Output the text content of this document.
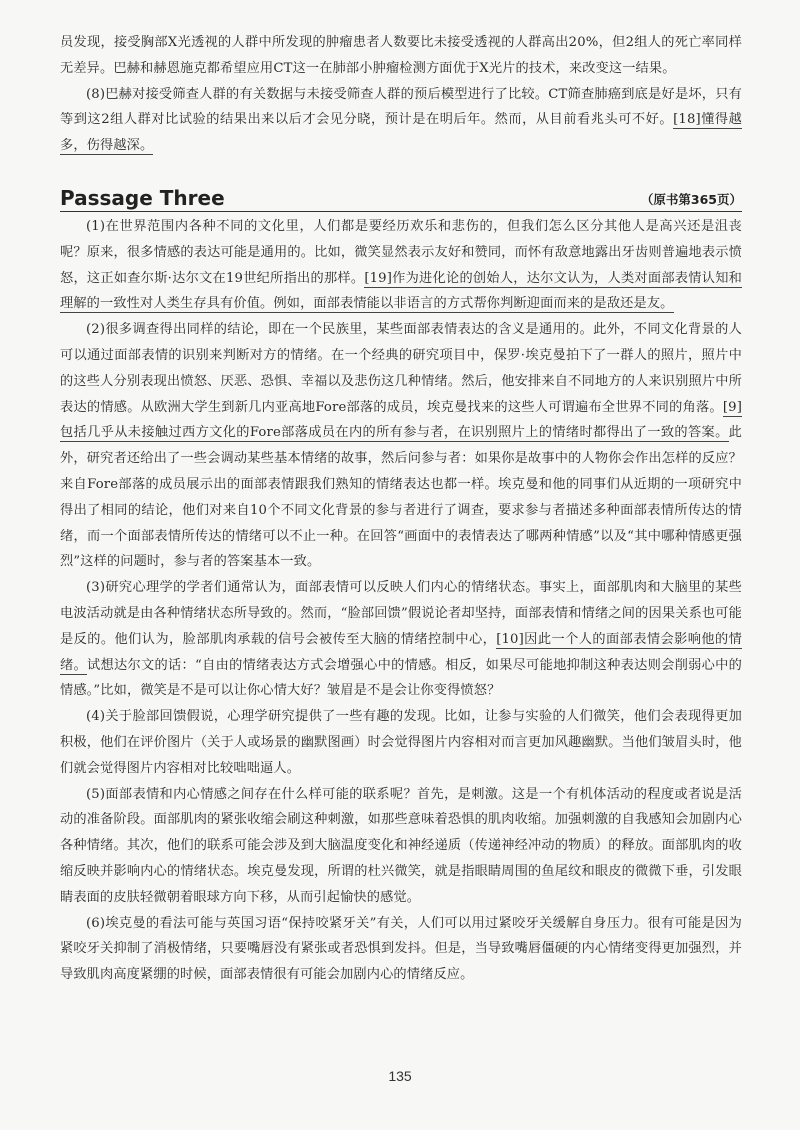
员发现，接受胸部X光透视的人群中所发现的肿瘤患者人数要比未接受透视的人群高出20%，但2组人的死亡率同样无差异。巴赫和赫恩施克都希望应用CT这一在肺部小肿瘤检测方面优于X光片的技术，来改变这一结果。

(8)巴赫对接受筛查人群的有关数据与未接受筛查人群的预后模型进行了比较。CT筛查肺癌到底是好是坏，只有等到这2组人群对比试验的结果出来以后才会见分晓，预计是在明后年。然而，从目前看兆头可不好。[18]懂得越多，伤得越深。

Passage Three	（原书第365页）

(1)在世界范围内各种不同的文化里，人们都是要经历欢乐和悲伤的，但我们怎么区分其他人是高兴还是沮丧呢？原来，很多情感的表达可能是通用的。比如，微笑显然表示友好和赞同，而怀有敌意地露出牙齿则普遍地表示愤怒，这正如查尔斯·达尔文在19世纪所指出的那样。[19]作为进化论的创始人，达尔文认为，人类对面部表情认知和理解的一致性对人类生存具有价值。例如，面部表情能以非语言的方式帮你判断迎面而来的是敌还是友。

(2)很多调查得出同样的结论，即在一个民族里，某些面部表情表达的含义是通用的。此外，不同文化背景的人可以通过面部表情的识别来判断对方的情绪。在一个经典的研究项目中，保罗·埃克曼拍下了一群人的照片，照片中的这些人分别表现出愤怒、厌恶、恐惧、幸福以及悲伤这几种情绪。然后，他安排来自不同地方的人来识别照片中所表达的情感。从欧洲大学生到新几内亚高地Fore部落的成员，埃克曼找来的这些人可谓遍布全世界不同的角落。[9]包括几乎从未接触过西方文化的Fore部落成员在内的所有参与者，在识别照片上的情绪时都得出了一致的答案。此外，研究者还给出了一些会调动某些基本情绪的故事，然后问参与者：如果你是故事中的人物你会作出怎样的反应？来自Fore部落的成员展示出的面部表情跟我们熟知的情绪表达也都一样。埃克曼和他的同事们从近期的一项研究中得出了相同的结论，他们对来自10个不同文化背景的参与者进行了调查，要求参与者描述多种面部表情所传达的情绪，而一个面部表情所传达的情绪可以不止一种。在回答“画面中的表情表达了哪两种情感”以及“其中哪种情感更强烈”这样的问题时，参与者的答案基本一致。

(3)研究心理学的学者们通常认为，面部表情可以反映人们内心的情绪状态。事实上，面部肌肉和大脑里的某些电波活动就是由各种情绪状态所导致的。然而，“脸部回馈”假说论者却坚持，面部表情和情绪之间的因果关系也可能是反的。他们认为，脸部肌肉承载的信号会被传至大脑的情绪控制中心，[10]因此一个人的面部表情会影响他的情绪。试想达尔文的话：“自由的情绪表达方式会增强心中的情感。相反，如果尽可能地抑制这种表达则会削弱心中的情感。”比如，微笑是不是可以让你心情大好？皱眉是不是会让你变得愤怒？

(4)关于脸部回馈假说，心理学研究提供了一些有趣的发现。比如，让参与实验的人们微笑，他们会表现得更加积极，他们在评价图片（关于人或场景的幽默图画）时会觉得图片内容相对而言更加风趣幽默。当他们皱眉头时，他们就会觉得图片内容相对比较咄咄逼人。

(5)面部表情和内心情感之间存在什么样可能的联系呢？首先，是刺激。这是一个有机体活动的程度或者说是活动的准备阶段。面部肌肉的紧张收缩会刷这种刺激，如那些意味着恐惧的肌肉收缩。加强刺激的自我感知会加剧内心各种情绪。其次，他们的联系可能会涉及到大脑温度变化和神经递质（传递神经冲动的物质）的释放。面部肌肉的收缩反映并影响内心的情绪状态。埃克曼发现，所谓的杜兴微笑，就是指眼睛周围的鱼尾纹和眼皮的微微下垂，引发眼睛表面的皮肤轻微朝着眼球方向下移，从而引起愉快的感觉。

(6)埃克曼的看法可能与英国习语“保持咬紧牙关”有关，人们可以用过紧咬牙关缓解自身压力。很有可能是因为紧咬牙关抑制了消极情绪，只要嘴唇没有紧张或者恐惧到发抖。但是，当导致嘴唇僵硬的内心情绪变得更加强烈，并导致肌肉高度紧绷的时候，面部表情很有可能会加剧内心的情绪反应。

135
